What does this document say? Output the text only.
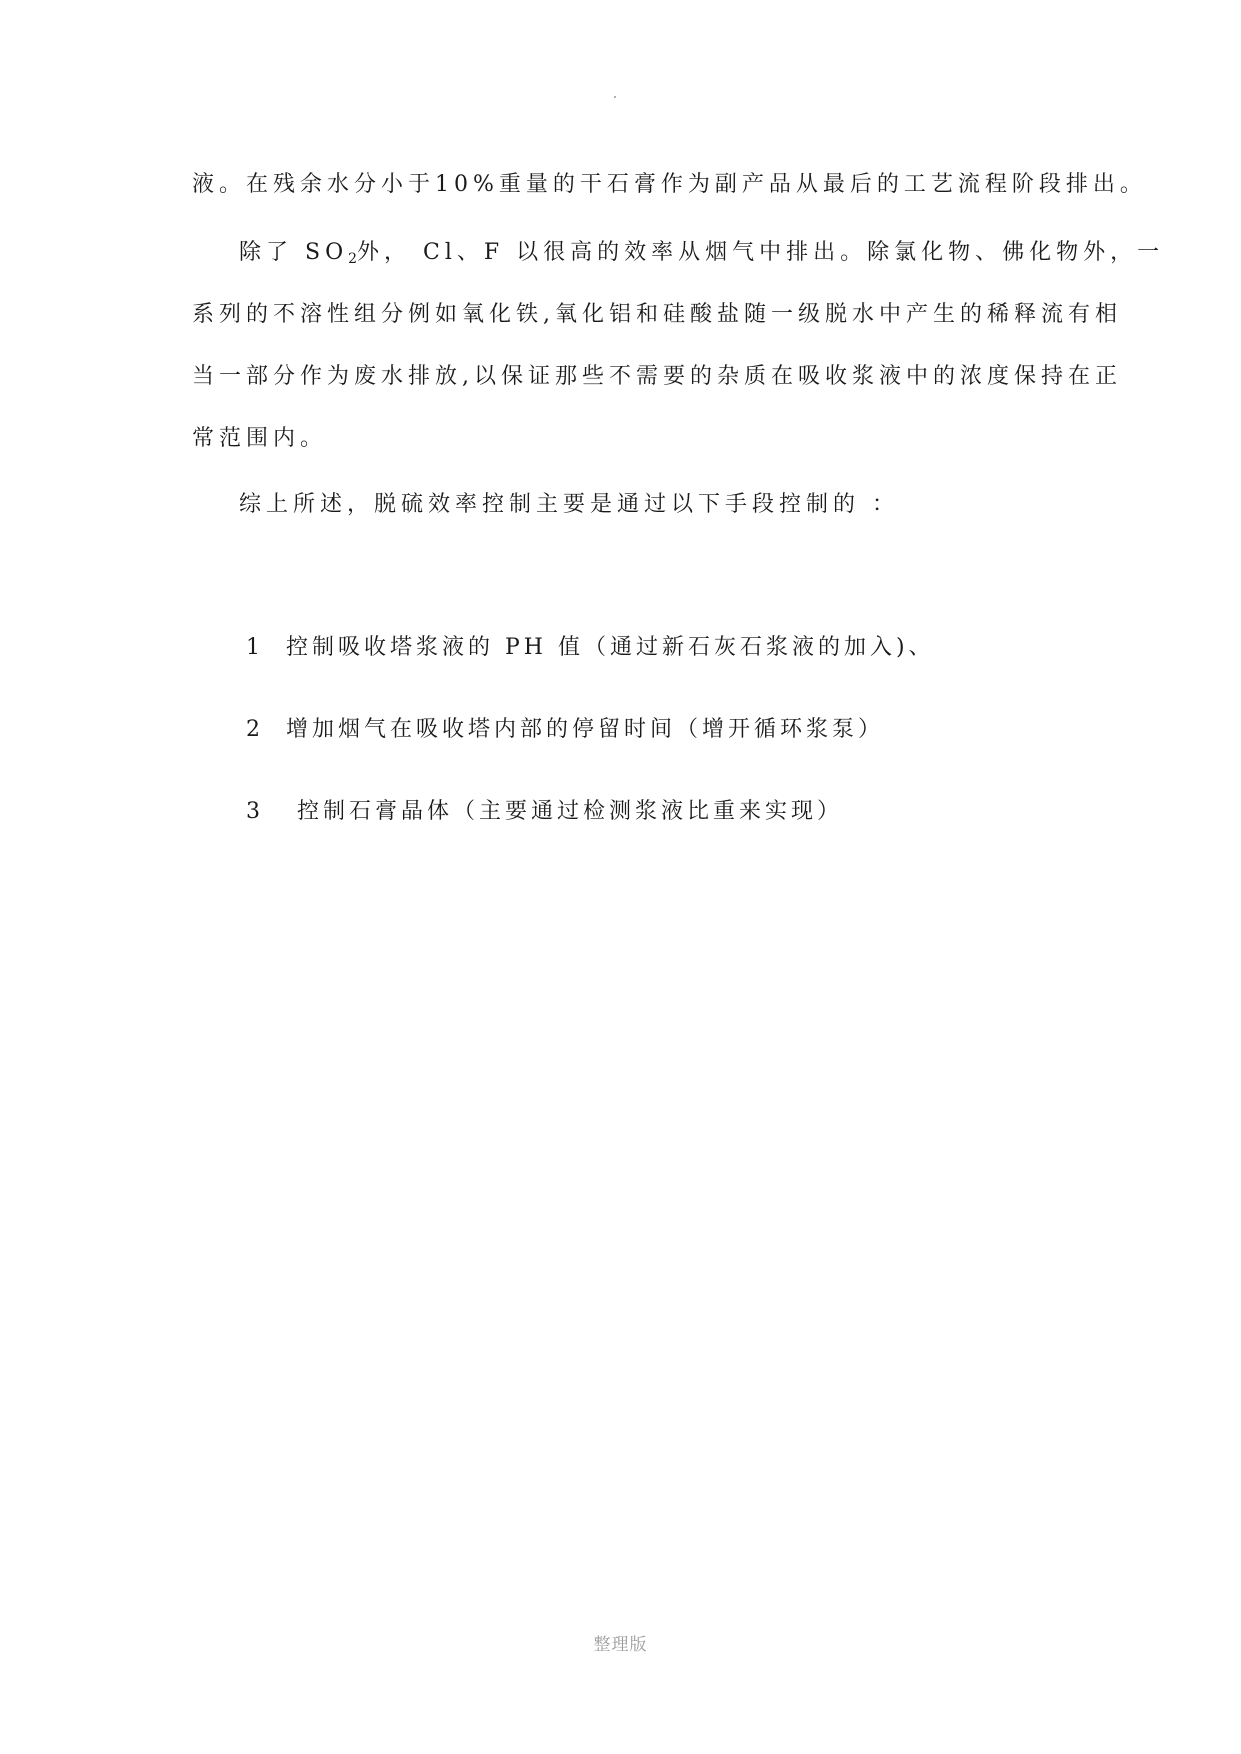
液。在残余水分小于10%重量的干石膏作为副产品从最后的工艺流程阶段排出。

除了 $SO_2$外， Cl、F 以很高的效率从烟气中排出。除氯化物、佛化物外，一
系列的不溶性组分例如氧化铁,氧化铝和硅酸盐随一级脱水中产生的稀释流有相
当一部分作为废水排放,以保证那些不需要的杂质在吸收浆液中的浓度保持在正
常范围内。

综上所述，脱硫效率控制主要是通过以下手段控制的 ：

1 控制吸收塔浆液的 PH 值（通过新石灰石浆液的加入)、

2 增加烟气在吸收塔内部的停留时间（增开循环浆泵）

3 控制石膏晶体（主要通过检测浆液比重来实现）

整理版
